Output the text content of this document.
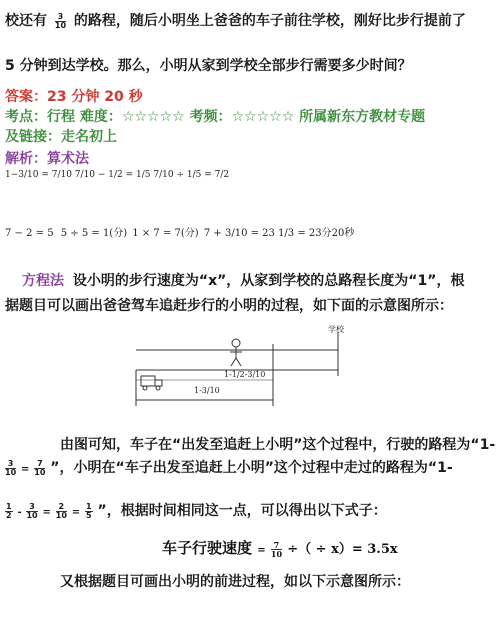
校还有 $\frac{3}{10}$ 的路程，随后小明坐上爸爸的车子前往学校，刚好比步行提前了
5 分钟到达学校。那么，小明从家到学校全部步行需要多少时间？
答案：23 分钟 20 秒
考点：行程 难度：☆☆☆☆☆ 考频：☆☆☆☆☆ 所属新东方教材专题
及链接：走名初上
解析：算术法
1−3/10 = 7/10 7/10 − 1/2 = 1/5 7/10 ÷ 1/5 = 7/2
7 − 2 = 5 5 ÷ 5 = 1(分) 1 × 7 = 7(分) 7 + 3/10 = 23 1/3 = 23分20秒
方程法 设小明的步行速度为“x”，从家到学校的总路程长度为“1”，根
据题目可以画出爸爸驾车追赶步行的小明的过程，如下面的示意图所示：
学校
1-1/2-3/10
1-3/10
由图可知，车子在“出发至追赶上小明”这个过程中，行驶的路程为“1-
$\frac{3}{10} = \frac{7}{10}$ ”，小明在“车子出发至追赶上小明”这个过程中走过的路程为“1-
$\frac{1}{2} - \frac{3}{10} = \frac{2}{10} = \frac{1}{5}$ ”，根据时间相同这一点，可以得出以下式子：
车子行驶速度 = $\frac{7}{10}$ ÷（ ÷ x）= 3.5x
又根据题目可画出小明的前进过程，如以下示意图所示：
